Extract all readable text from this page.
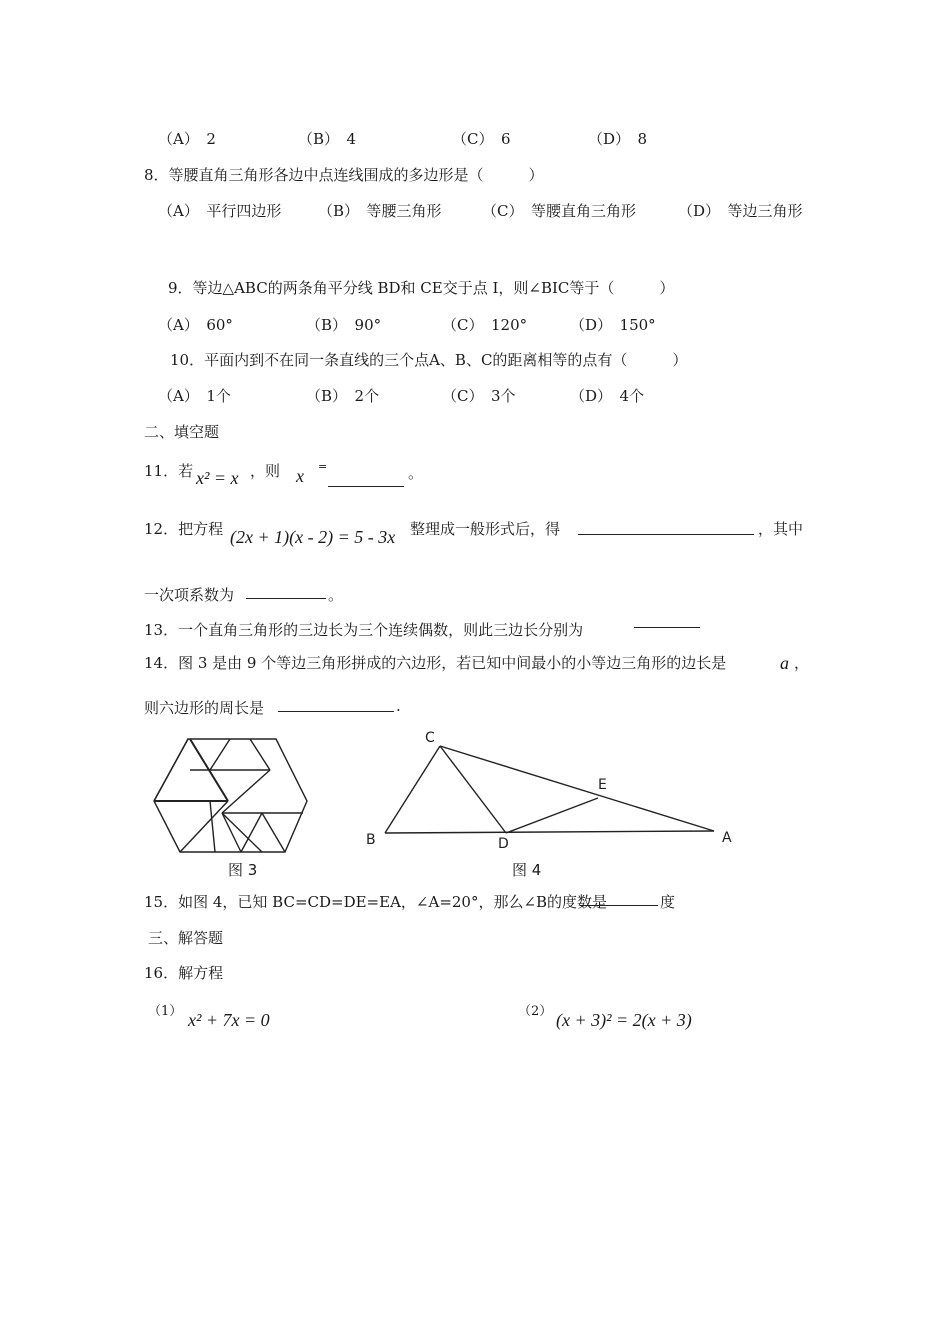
（A）　2	（B）　4	（C）　6	（D）　8
8．等腰直角三角形各边中点连线围成的多边形是（　　　）
（A）　平行四边形 （B）　等腰三角形	（C）　等腰直角三角形	（D）　等边三角形
9．等边△ABC的两条角平分线 BD和 CE交于点 I，则∠BIC等于（　　　）
（A）　60°	（B）　90°	（C）　120°	（D）　150°
10．平面内到不在同一条直线的三个点A、B、C的距离相等的点有（　　　）
（A）　1个	（B）　2个	（C）　3个	（D）　4个
二、填空题
11．若 x² = x ，则 x =	。
12．把方程 (2x + 1)(x - 2) = 5 - 3x 整理成一般形式后，得	，其中
一次项系数为	。
13．一个直角三角形的三边长为三个连续偶数，则此三边长分别为
14．图 3 是由 9 个等边三角形拼成的六边形，若已知中间最小的小等边三角形的边长是	a ，
则六边形的周长是	.
图 3
C
E
B	D	A
图 4
15．如图 4，已知 BC=CD=DE=EA，∠A=20°，那么∠B的度数是	度
三、解答题
16．解方程
（1） x² + 7x = 0	（2） (x + 3)² = 2(x + 3)
